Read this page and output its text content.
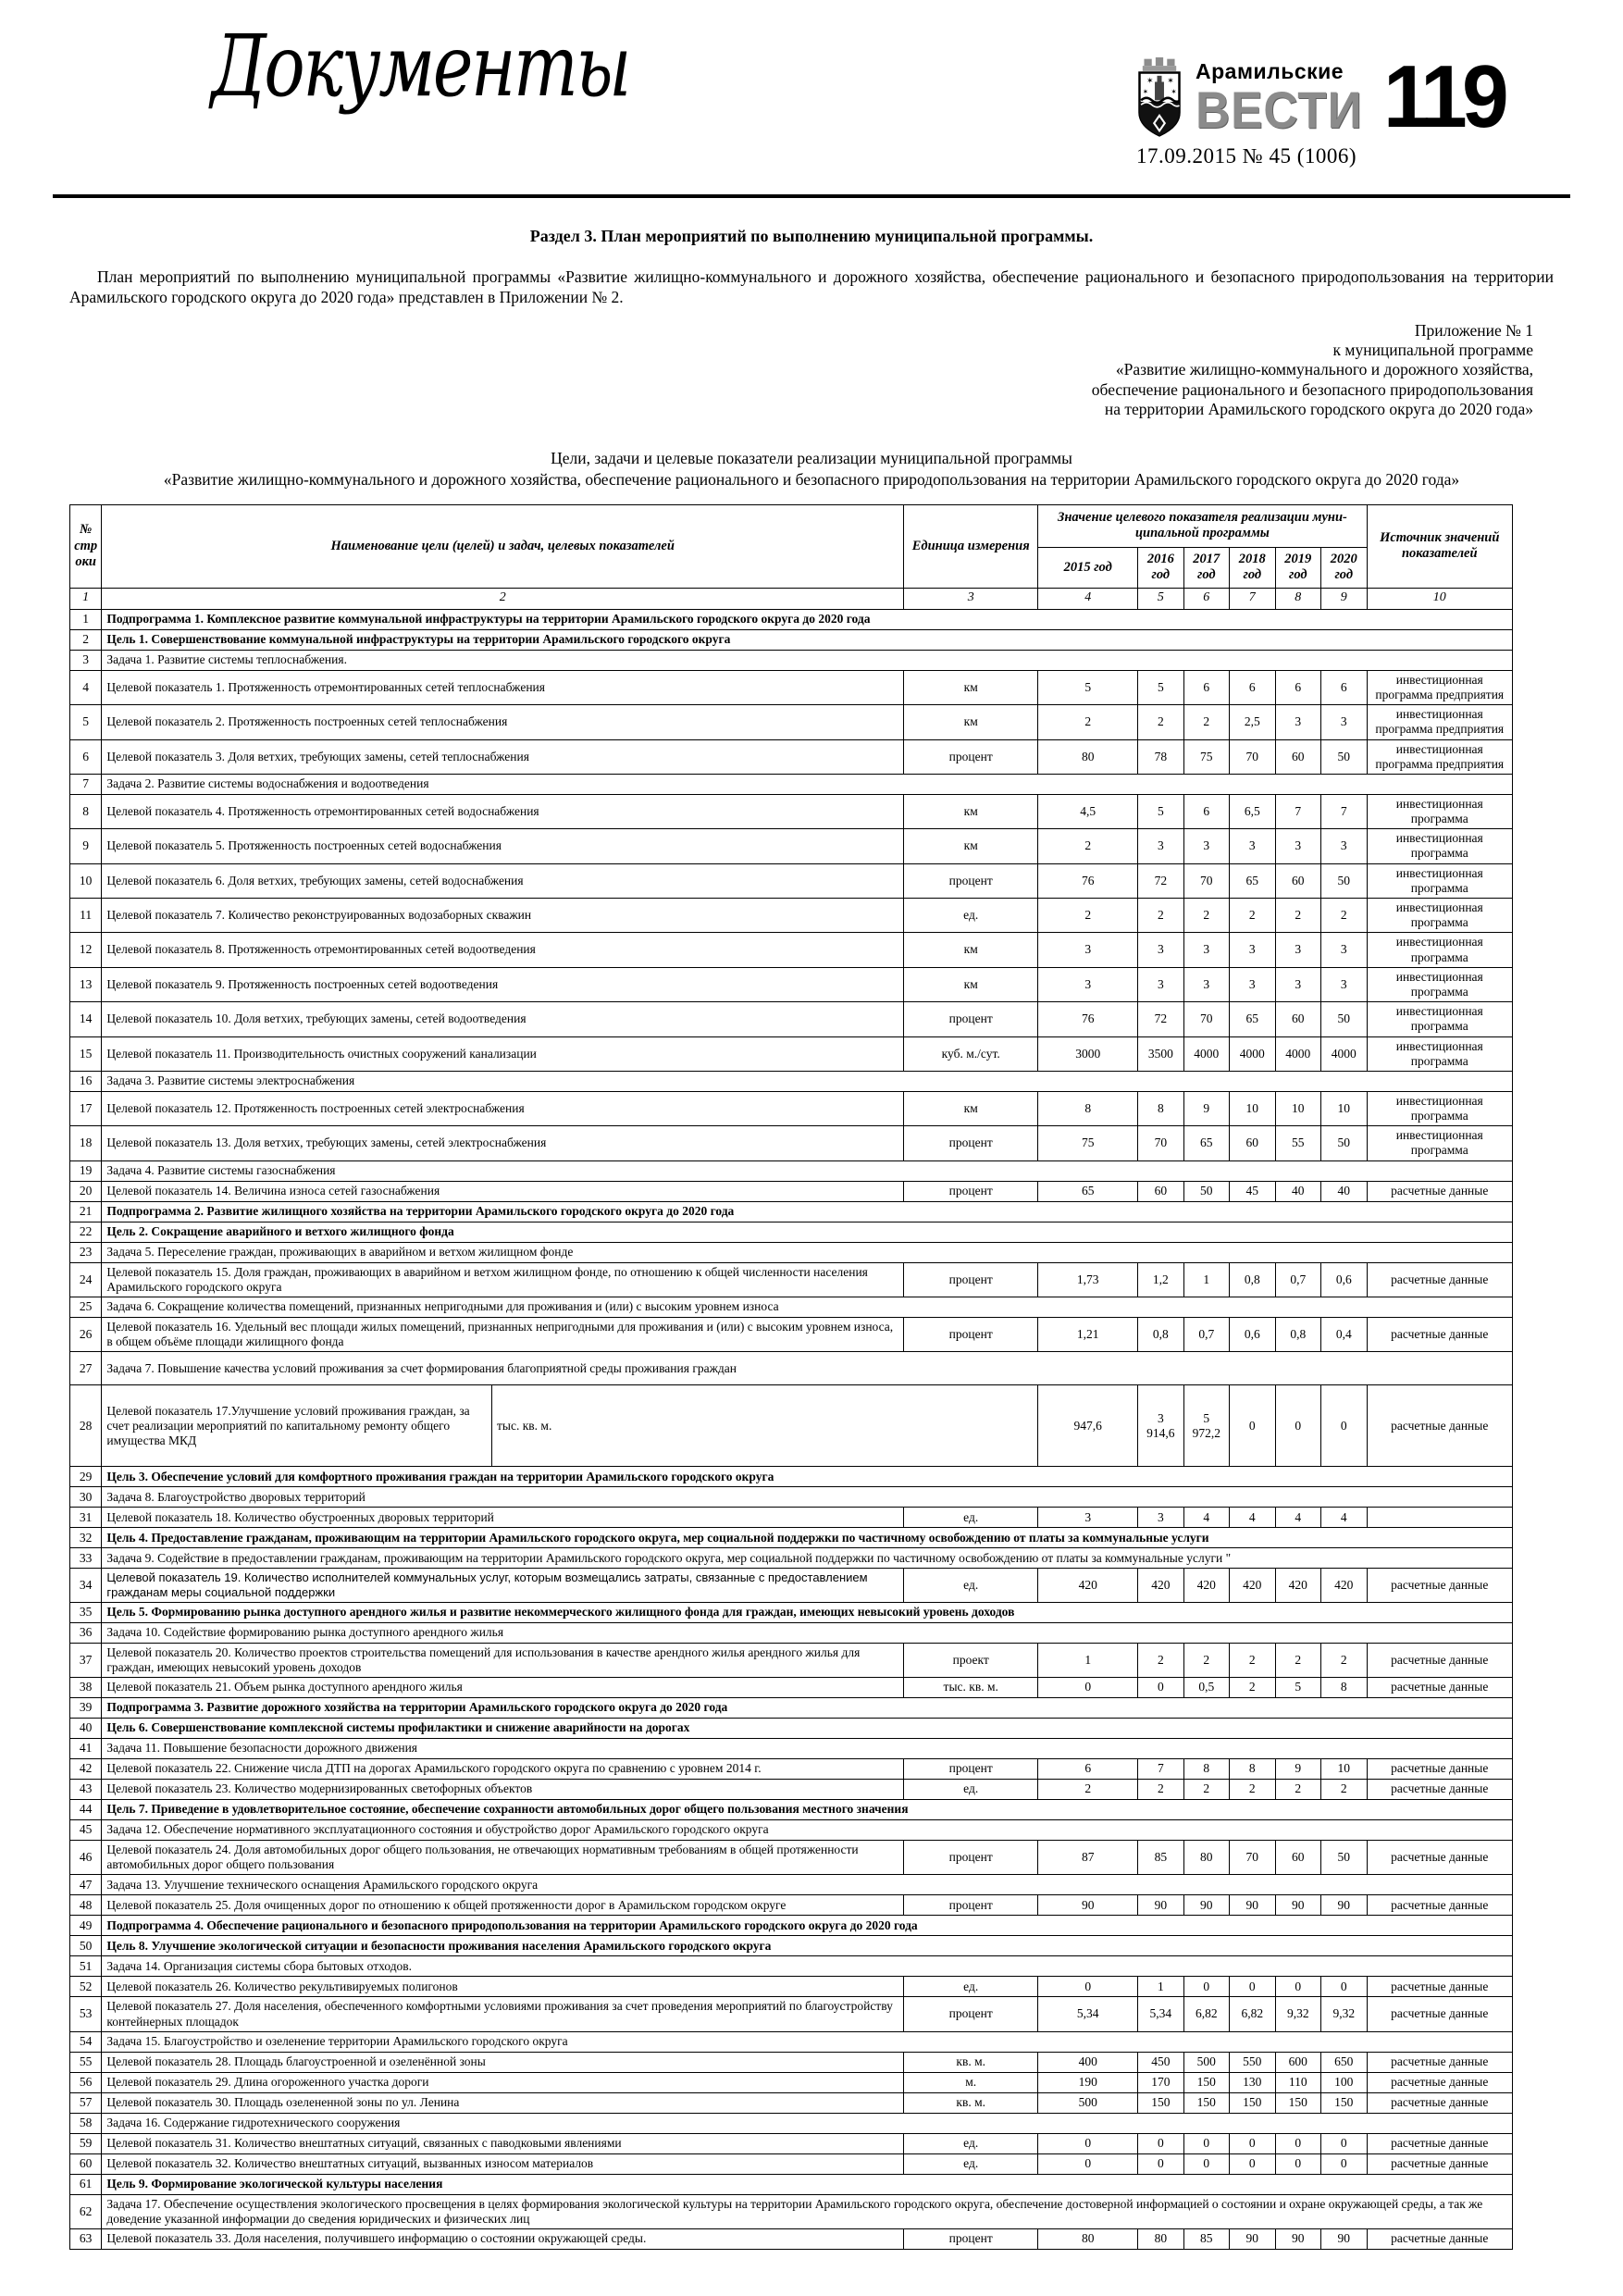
Документы	✶ ✶
✶	✶
Арамильские
ВЕСТИ 119
17.09.2015 № 45 (1006)
Раздел 3. План мероприятий по выполнению муниципальной программы.
План мероприятий по выполнению муниципальной программы «Развитие жилищно-коммунального и дорожного хозяйства, обеспечение рационального и безопасного природопользования на территории Арамильского городского округа до 2020 года» представлен в Приложении № 2.
Приложение № 1
к муниципальной программе
«Развитие жилищно-коммунального и дорожного хозяйства,
обеспечение рационального и безопасного природопользования
на территории Арамильского городского округа до 2020 года»
Цели, задачи и целевые показатели реализации муниципальной программы
«Развитие жилищно-коммунального и дорожного хозяйства, обеспечение рационального и безопасного природопользования на территории Арамильского городского округа до 2020 года»
№ строки	Наименование цели (целей) и задач, целевых показателей		Единица измерения	Значение целевого показателя реализации муниципальной программы						Источник значений показателей
				2015 год	2016 год	2017 год	2018 год	2019 год	2020 год	
1	2		3	4	5	6	7	8	9	10
1	Подпрограмма 1. Комплексное развитие коммунальной инфраструктуры на территории Арамильского городского округа до 2020 года									
2	Цель 1. Совершенствование коммунальной инфраструктуры на территории Арамильского городского округа									
3	Задача 1. Развитие системы теплоснабжения.									
4	Целевой показатель 1. Протяженность отремонтированных сетей теплоснабжения		км	5	5	6	6	6	6	инвестиционная программа предприятия
5	Целевой показатель 2. Протяженность построенных сетей теплоснабжения		км	2	2	2	2,5	3	3	инвестиционная программа предприятия
6	Целевой показатель 3. Доля ветхих, требующих замены, сетей теплоснабжения		процент	80	78	75	70	60	50	инвестиционная программа предприятия
7	Задача 2. Развитие системы водоснабжения и водоотведения									
8	Целевой показатель 4. Протяженность отремонтированных сетей водоснабжения		км	4,5	5	6	6,5	7	7	инвестиционная программа
9	Целевой показатель 5. Протяженность построенных сетей водоснабжения		км	2	3	3	3	3	3	инвестиционная программа
10	Целевой показатель 6. Доля ветхих, требующих замены, сетей водоснабжения		процент	76	72	70	65	60	50	инвестиционная программа
11	Целевой показатель 7. Количество реконструированных водозаборных скважин		ед.	2	2	2	2	2	2	инвестиционная программа
12	Целевой показатель 8. Протяженность отремонтированных сетей водоотведения		км	3	3	3	3	3	3	инвестиционная программа
13	Целевой показатель 9. Протяженность построенных сетей водоотведения		км	3	3	3	3	3	3	инвестиционная программа
14	Целевой показатель 10. Доля ветхих, требующих замены, сетей водоотведения		процент	76	72	70	65	60	50	инвестиционная программа
15	Целевой показатель 11. Производительность очистных сооружений канализации		куб. м./сут.	3000	3500	4000	4000	4000	4000	инвестиционная программа
16	Задача 3. Развитие системы электроснабжения									
17	Целевой показатель 12. Протяженность построенных сетей электроснабжения		км	8	8	9	10	10	10	инвестиционная программа
18	Целевой показатель 13. Доля ветхих, требующих замены, сетей электроснабжения		процент	75	70	65	60	55	50	инвестиционная программа
19	Задача 4. Развитие системы газоснабжения									
20	Целевой показатель 14. Величина износа сетей газоснабжения		процент	65	60	50	45	40	40	расчетные данные
21	Подпрограмма 2. Развитие жилищного хозяйства на территории Арамильского городского округа до 2020 года									
22	Цель 2. Сокращение аварийного и ветхого жилищного фонда									
23	Задача 5. Переселение граждан, проживающих в аварийном и ветхом жилищном фонде									
24	Целевой показатель 15. Доля граждан, проживающих в аварийном и ветхом жилищном фонде, по отношению к общей численности населения Арамильского городского округа		процент	1,73	1,2	1	0,8	0,7	0,6	расчетные данные
25	Задача 6. Сокращение количества помещений, признанных непригодными для проживания и (или) с высоким уровнем износа									
26	Целевой показатель 16. Удельный вес площади жилых помещений, признанных непригодными для проживания и (или) с высоким уровнем износа, в общем объёме площади жилищного фонда		процент	1,21	0,8	0,7	0,6	0,8	0,4	расчетные данные
27	Задача 7. Повышение качества условий проживания за счет формирования благоприятной среды проживания граждан									
28	Целевой показатель 17.Улучшение условий проживания граждан, за счет реализации мероприятий по капитальному ремонту общего имущества МКД	тыс. кв. м.		947,6	3 914,6	5 972,2	0	0	0	расчетные данные
29	Цель 3. Обеспечение условий для комфортного проживания граждан на территории Арамильского городского округа									
30	Задача 8. Благоустройство дворовых территорий									
31	Целевой показатель 18. Количество обустроенных дворовых территорий		ед.	3	3	4	4	4	4	
32	Цель 4. Предоставление гражданам, проживающим на территории Арамильского городского округа, мер социальной поддержки по частичному освобождению от платы за коммунальные услуги									
33	Задача 9. Содействие в предоставлении гражданам, проживающим на территории Арамильского городского округа, мер социальной поддержки по частичному освобождению от платы за коммунальные услуги "									
34	Целевой показатель 19. Количество исполнителей коммунальных услуг, которым возмещались затраты, связанные с предоставлением гражданам меры социальной поддержки		ед.	420	420	420	420	420	420	расчетные данные
35	Цель 5. Формированию рынка доступного арендного жилья и развитие некоммерческого жилищного фонда для граждан, имеющих невысокий уровень доходов									
36	Задача 10. Содействие формированию рынка доступного арендного жилья									
37	Целевой показатель 20. Количество проектов строительства помещений для использования в качестве арендного жилья арендного жилья для граждан, имеющих невысокий уровень доходов		проект	1	2	2	2	2	2	расчетные данные
38	Целевой показатель 21. Объем рынка доступного арендного жилья		тыс. кв. м.	0	0	0,5	2	5	8	расчетные данные
39	Подпрограмма 3. Развитие дорожного хозяйства на территории Арамильского городского округа до 2020 года									
40	Цель 6. Совершенствование комплексной системы профилактики и снижение аварийности на дорогах									
41	Задача 11. Повышение безопасности дорожного движения									
42	Целевой показатель 22. Снижение числа ДТП на дорогах Арамильского городского округа по сравнению с уровнем 2014 г.		процент	6	7	8	8	9	10	расчетные данные
43	Целевой показатель 23. Количество модернизированных светофорных объектов		ед.	2	2	2	2	2	2	расчетные данные
44	Цель 7. Приведение в удовлетворительное состояние, обеспечение сохранности автомобильных дорог общего пользования местного значения									
45	Задача 12. Обеспечение нормативного эксплуатационного состояния и обустройство дорог Арамильского городского округа									
46	Целевой показатель 24. Доля автомобильных дорог общего пользования, не отвечающих нормативным требованиям в общей протяженности автомобильных дорог общего пользования		процент	87	85	80	70	60	50	расчетные данные
47	Задача 13. Улучшение технического оснащения Арамильского городского округа									
48	Целевой показатель 25. Доля очищенных дорог по отношению к общей протяженности дорог в Арамильском городском округе		процент	90	90	90	90	90	90	расчетные данные
49	Подпрограмма 4. Обеспечение рационального и безопасного природопользования на территории Арамильского городского округа до 2020 года									
50	Цель 8. Улучшение экологической ситуации и безопасности проживания населения Арамильского городского округа									
51	Задача 14. Организация системы сбора бытовых отходов.									
52	Целевой показатель 26. Количество рекультивируемых полигонов		ед.	0	1	0	0	0	0	расчетные данные
53	Целевой показатель 27. Доля населения, обеспеченного комфортными условиями проживания за счет проведения мероприятий по благоустройству контейнерных площадок		процент	5,34	5,34	6,82	6,82	9,32	9,32	расчетные данные
54	Задача 15. Благоустройство и озеленение территории Арамильского городского округа									
55	Целевой показатель 28. Площадь благоустроенной и озеленённой зоны		кв. м.	400	450	500	550	600	650	расчетные данные
56	Целевой показатель 29. Длина огороженного участка дороги		м.	190	170	150	130	110	100	расчетные данные
57	Целевой показатель 30. Площадь озелененной зоны по ул. Ленина		кв. м.	500	150	150	150	150	150	расчетные данные
58	Задача 16. Содержание гидротехнического сооружения									
59	Целевой показатель 31. Количество внештатных ситуаций, связанных с паводковыми явлениями		ед.	0	0	0	0	0	0	расчетные данные
60	Целевой показатель 32. Количество внештатных ситуаций, вызванных износом материалов		ед.	0	0	0	0	0	0	расчетные данные
61	Цель 9. Формирование экологической культуры населения									
62	Задача 17. Обеспечение осуществления экологического просвещения в целях формирования экологической культуры на территории Арамильского городского округа, обеспечение достоверной информацией о состоянии и охране окружающей среды, а так же доведение указанной информации до сведения юридических и физических лиц									
63	Целевой показатель 33. Доля населения, получившего информацию о состоянии окружающей среды.		процент	80	80	85	90	90	90	расчетные данные
